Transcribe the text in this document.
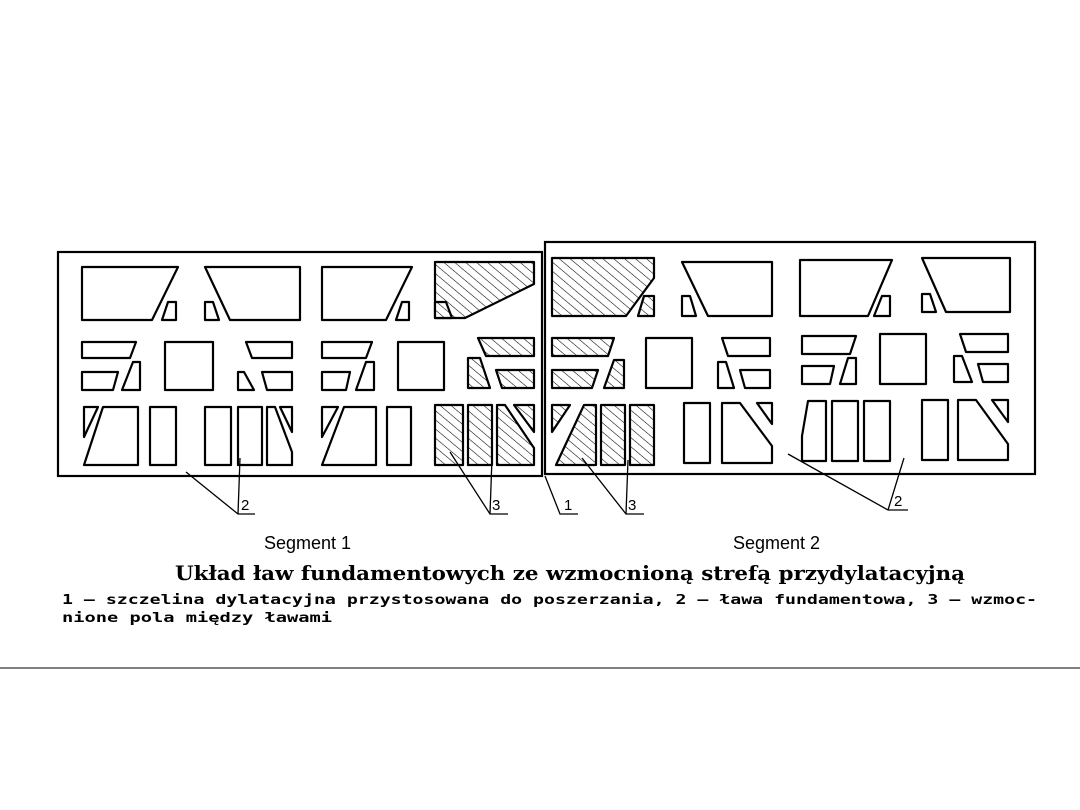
2	3	1	3	2
Segment 1	Segment 2
Układ ław fundamentowych ze wzmocnioną strefą przydylatacyjną
1 — szczelina dylatacyjna przystosowana do poszerzania, 2 — ława fundamentowa, 3 — wzmoc-
nione pola między ławami
